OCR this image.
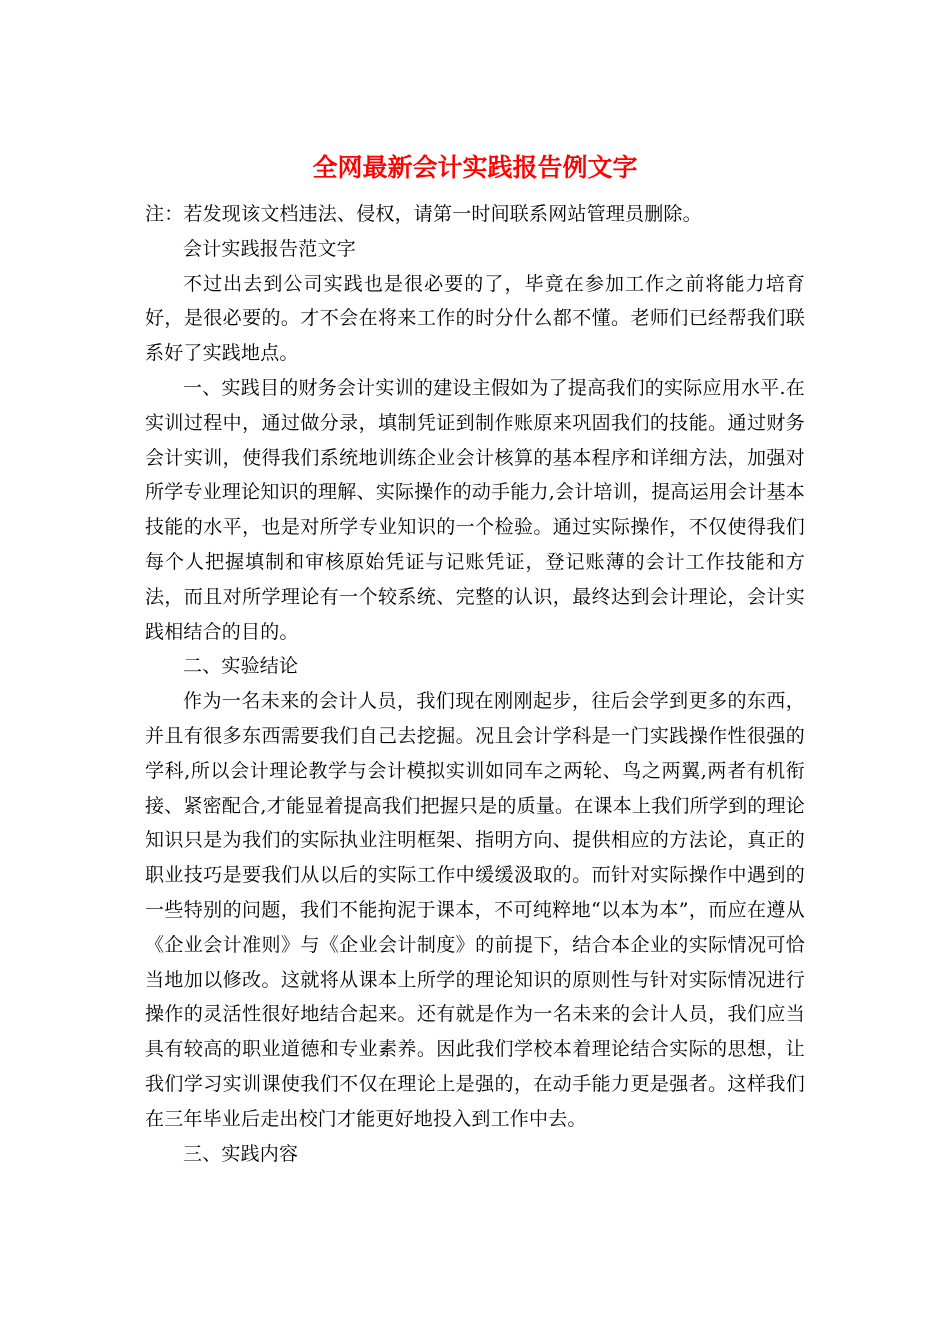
全网最新会计实践报告例文字

注：若发现该文档违法、侵权，请第一时间联系网站管理员删除。

会计实践报告范文字

不过出去到公司实践也是很必要的了，毕竟在参加工作之前将能力培育好，是很必要的。才不会在将来工作的时分什么都不懂。老师们已经帮我们联系好了实践地点。

一、实践目的财务会计实训的建设主假如为了提高我们的实际应用水平.在实训过程中，通过做分录，填制凭证到制作账原来巩固我们的技能。通过财务会计实训，使得我们系统地训练企业会计核算的基本程序和详细方法，加强对所学专业理论知识的理解、实际操作的动手能力,会计培训，提高运用会计基本技能的水平，也是对所学专业知识的一个检验。通过实际操作，不仅使得我们每个人把握填制和审核原始凭证与记账凭证，登记账薄的会计工作技能和方法，而且对所学理论有一个较系统、完整的认识，最终达到会计理论，会计实践相结合的目的。

二、实验结论

作为一名未来的会计人员，我们现在刚刚起步，往后会学到更多的东西，并且有很多东西需要我们自己去挖掘。况且会计学科是一门实践操作性很强的学科,所以会计理论教学与会计模拟实训如同车之两轮、鸟之两翼,两者有机衔接、紧密配合,才能显着提高我们把握只是的质量。在课本上我们所学到的理论知识只是为我们的实际执业注明框架、指明方向、提供相应的方法论，真正的职业技巧是要我们从以后的实际工作中缓缓汲取的。而针对实际操作中遇到的一些特别的问题，我们不能拘泥于课本，不可纯粹地“以本为本”，而应在遵从《企业会计准则》与《企业会计制度》的前提下，结合本企业的实际情况可恰当地加以修改。这就将从课本上所学的理论知识的原则性与针对实际情况进行操作的灵活性很好地结合起来。还有就是作为一名未来的会计人员，我们应当具有较高的职业道德和专业素养。因此我们学校本着理论结合实际的思想，让我们学习实训课使我们不仅在理论上是强的，在动手能力更是强者。这样我们在三年毕业后走出校门才能更好地投入到工作中去。

三、实践内容
